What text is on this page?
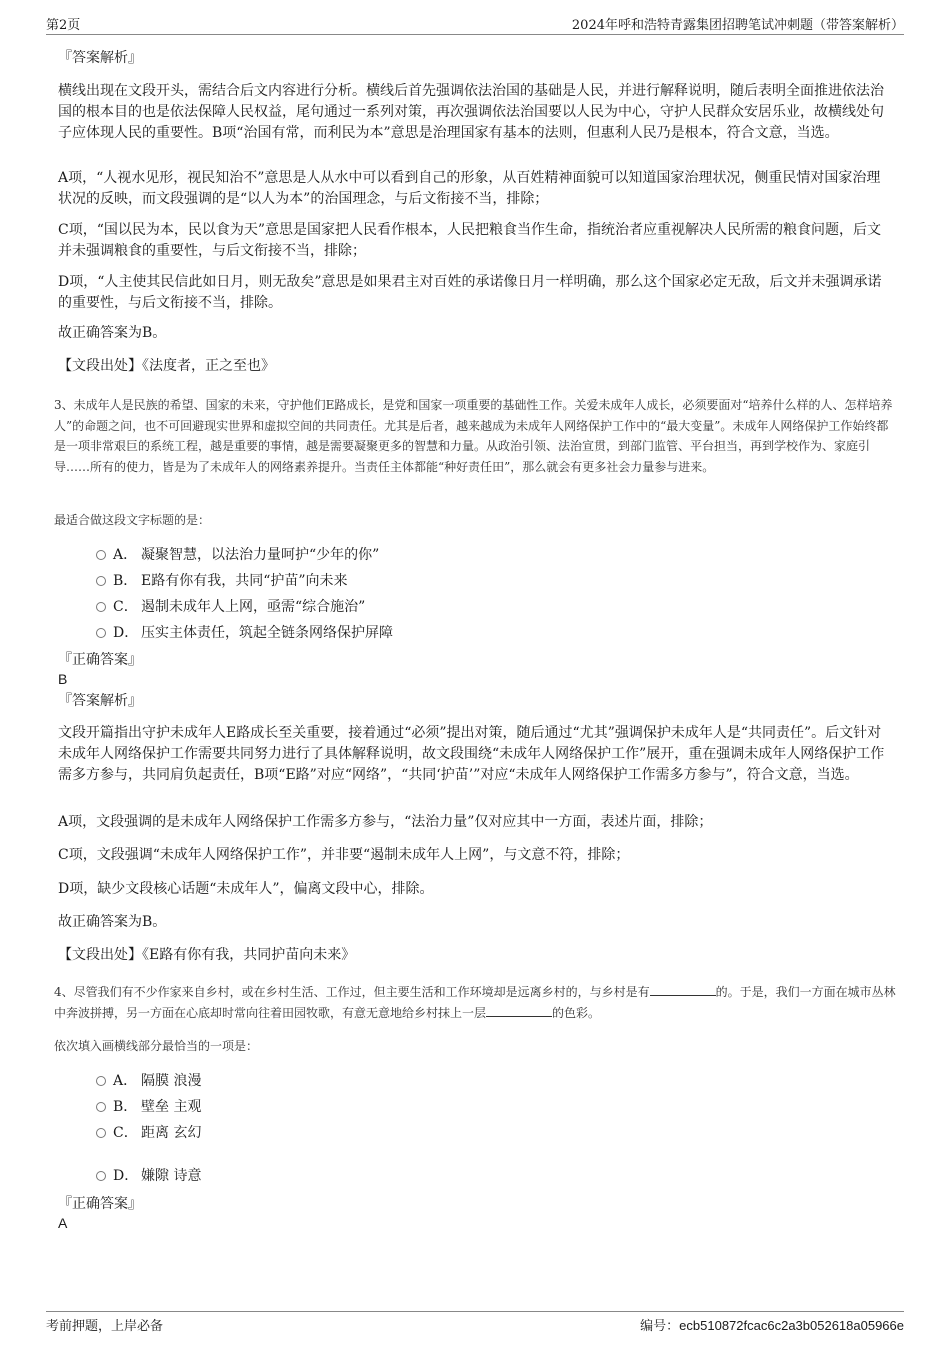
第2页	2024年呼和浩特青露集团招聘笔试冲刺题（带答案解析）

『答案解析』

横线出现在文段开头，需结合后文内容进行分析。横线后首先强调依法治国的基础是人民，并进行解释说明，随后表明全面推进依法治国的根本目的也是依法保障人民权益，尾句通过一系列对策，再次强调依法治国要以人民为中心，守护人民群众安居乐业，故横线处句子应体现人民的重要性。B项“治国有常，而利民为本”意思是治理国家有基本的法则，但惠利人民乃是根本，符合文意，当选。

A项，“人视水见形，视民知治不”意思是人从水中可以看到自己的形象，从百姓精神面貌可以知道国家治理状况，侧重民情对国家治理状况的反映，而文段强调的是“以人为本”的治国理念，与后文衔接不当，排除；

C项，“国以民为本，民以食为天”意思是国家把人民看作根本，人民把粮食当作生命，指统治者应重视解决人民所需的粮食问题，后文并未强调粮食的重要性，与后文衔接不当，排除；

D项，“人主使其民信此如日月，则无敌矣”意思是如果君主对百姓的承诺像日月一样明确，那么这个国家必定无敌，后文并未强调承诺的重要性，与后文衔接不当，排除。

故正确答案为B。

【文段出处】《法度者，正之至也》

3、未成年人是民族的希望、国家的未来，守护他们E路成长，是党和国家一项重要的基础性工作。关爱未成年人成长，必须要面对“培养什么样的人、怎样培养人”的命题之问，也不可回避现实世界和虚拟空间的共同责任。尤其是后者，越来越成为未成年人网络保护工作中的“最大变量”。未成年人网络保护工作始终都是一项非常艰巨的系统工程，越是重要的事情，越是需要凝聚更多的智慧和力量。从政治引领、法治宣贯，到部门监管、平台担当，再到学校作为、家庭引导……所有的使力，皆是为了未成年人的网络素养提升。当责任主体都能“种好责任田”，那么就会有更多社会力量参与进来。

最适合做这段文字标题的是：

A． 凝聚智慧，以法治力量呵护“少年的你”
B． E路有你有我，共同“护苗”向未来
C． 遏制未成年人上网，亟需“综合施治”
D． 压实主体责任，筑起全链条网络保护屏障

『正确答案』

B

『答案解析』

文段开篇指出守护未成年人E路成长至关重要，接着通过“必须”提出对策，随后通过“尤其”强调保护未成年人是“共同责任”。后文针对未成年人网络保护工作需要共同努力进行了具体解释说明，故文段围绕“未成年人网络保护工作”展开，重在强调未成年人网络保护工作需多方参与，共同肩负起责任，B项“E路”对应“网络”，“共同‘护苗’”对应“未成年人网络保护工作需多方参与”，符合文意，当选。

A项，文段强调的是未成年人网络保护工作需多方参与，“法治力量”仅对应其中一方面，表述片面，排除；

C项，文段强调“未成年人网络保护工作”，并非要“遏制未成年人上网”，与文意不符，排除；

D项，缺少文段核心话题“未成年人”，偏离文段中心，排除。

故正确答案为B。

【文段出处】《E路有你有我，共同护苗向未来》

4、尽管我们有不少作家来自乡村，或在乡村生活、工作过，但主要生活和工作环境却是远离乡村的，与乡村是有	的。于是，我们一方面在城市丛林中奔波拼搏，另一方面在心底却时常向往着田园牧歌，有意无意地给乡村抹上一层	的色彩。

依次填入画横线部分最恰当的一项是：

A． 隔膜 浪漫
B． 壁垒 主观
C． 距离 玄幻
D． 嫌隙 诗意

『正确答案』

A

考前押题，上岸必备	编号：ecb510872fcac6c2a3b052618a05966e
